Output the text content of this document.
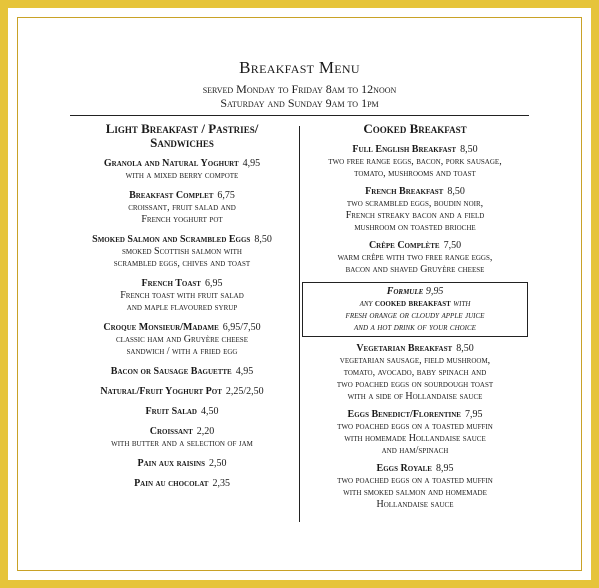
Breakfast Menu
served Monday to Friday 8am to 12noon
Saturday and Sunday 9am to 1pm
Light Breakfast / Pastries/
Sandwiches
Granola and Natural Yoghurt 4,95
with a mixed berry compote
Breakfast Complet 6,75
croissant, fruit salad and
French yoghurt pot
Smoked Salmon and Scrambled Eggs 8,50
smoked Scottish salmon with
scrambled eggs, chives and toast
French Toast 6,95
French toast with fruit salad
and maple flavoured syrup
Croque Monsieur/Madame 6,95/7,50
classic ham and Gruyère cheese
sandwich / with a fried egg
Bacon or Sausage Baguette 4,95
Natural/Fruit Yoghurt Pot 2,25/2,50
Fruit Salad 4,50
Croissant 2,20
with butter and a selection of jam
Pain aux raisins 2,50
Pain au chocolat 2,35
Cooked Breakfast
Full English Breakfast 8,50
two free range eggs, bacon, pork sausage,
tomato, mushrooms and toast
French Breakfast 8,50
two scrambled eggs, boudin noir,
French streaky bacon and a field
mushroom on toasted brioche
Crêpe Complète 7,50
warm crêpe with two free range eggs,
bacon and shaved Gruyère cheese
Formule 9,95
any cooked breakfast with
fresh orange or cloudy apple juice
and a hot drink of your choice
Vegetarian Breakfast 8,50
vegetarian sausage, field mushroom,
tomato, avocado, baby spinach and
two poached eggs on sourdough toast
with a side of Hollandaise sauce
Eggs Benedict/Florentine 7,95
two poached eggs on a toasted muffin
with homemade Hollandaise sauce
and ham/spinach
Eggs Royale 8,95
two poached eggs on a toasted muffin
with smoked salmon and homemade
Hollandaise sauce
